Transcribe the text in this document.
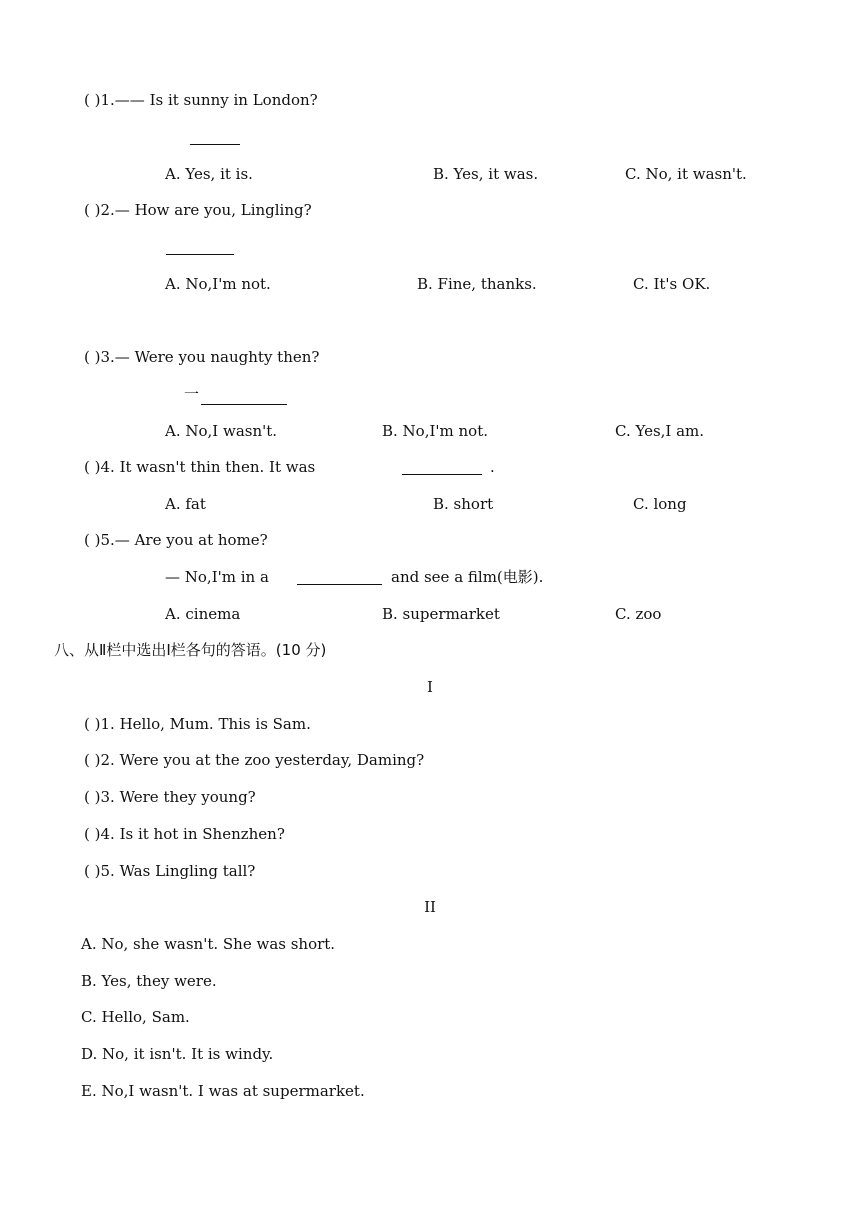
( )1.—— Is it sunny in London?
A. Yes, it is.	B. Yes, it was.	C. No, it wasn't.
( )2.— How are you, Lingling?
A. No,I'm not.	B. Fine, thanks.	C. It's OK.
( )3.— Were you naughty then?
一
A. No,I wasn't.	B. No,I'm not.	C. Yes,I am.
( )4. It wasn't thin then. It was	.
A. fat	B. short	C. long
( )5.— Are you at home?
— No,I'm in a	and see a film(电影).
A. cinema	B. supermarket	C. zoo
八、从Ⅱ栏中选出Ⅰ栏各句的答语。(10 分)
I
( )1. Hello, Mum. This is Sam.
( )2. Were you at the zoo yesterday, Daming?
( )3. Were they young?
( )4. Is it hot in Shenzhen?
( )5. Was Lingling tall?
II
A. No, she wasn't. She was short.
B. Yes, they were.
C. Hello, Sam.
D. No, it isn't. It is windy.
E. No,I wasn't. I was at supermarket.
